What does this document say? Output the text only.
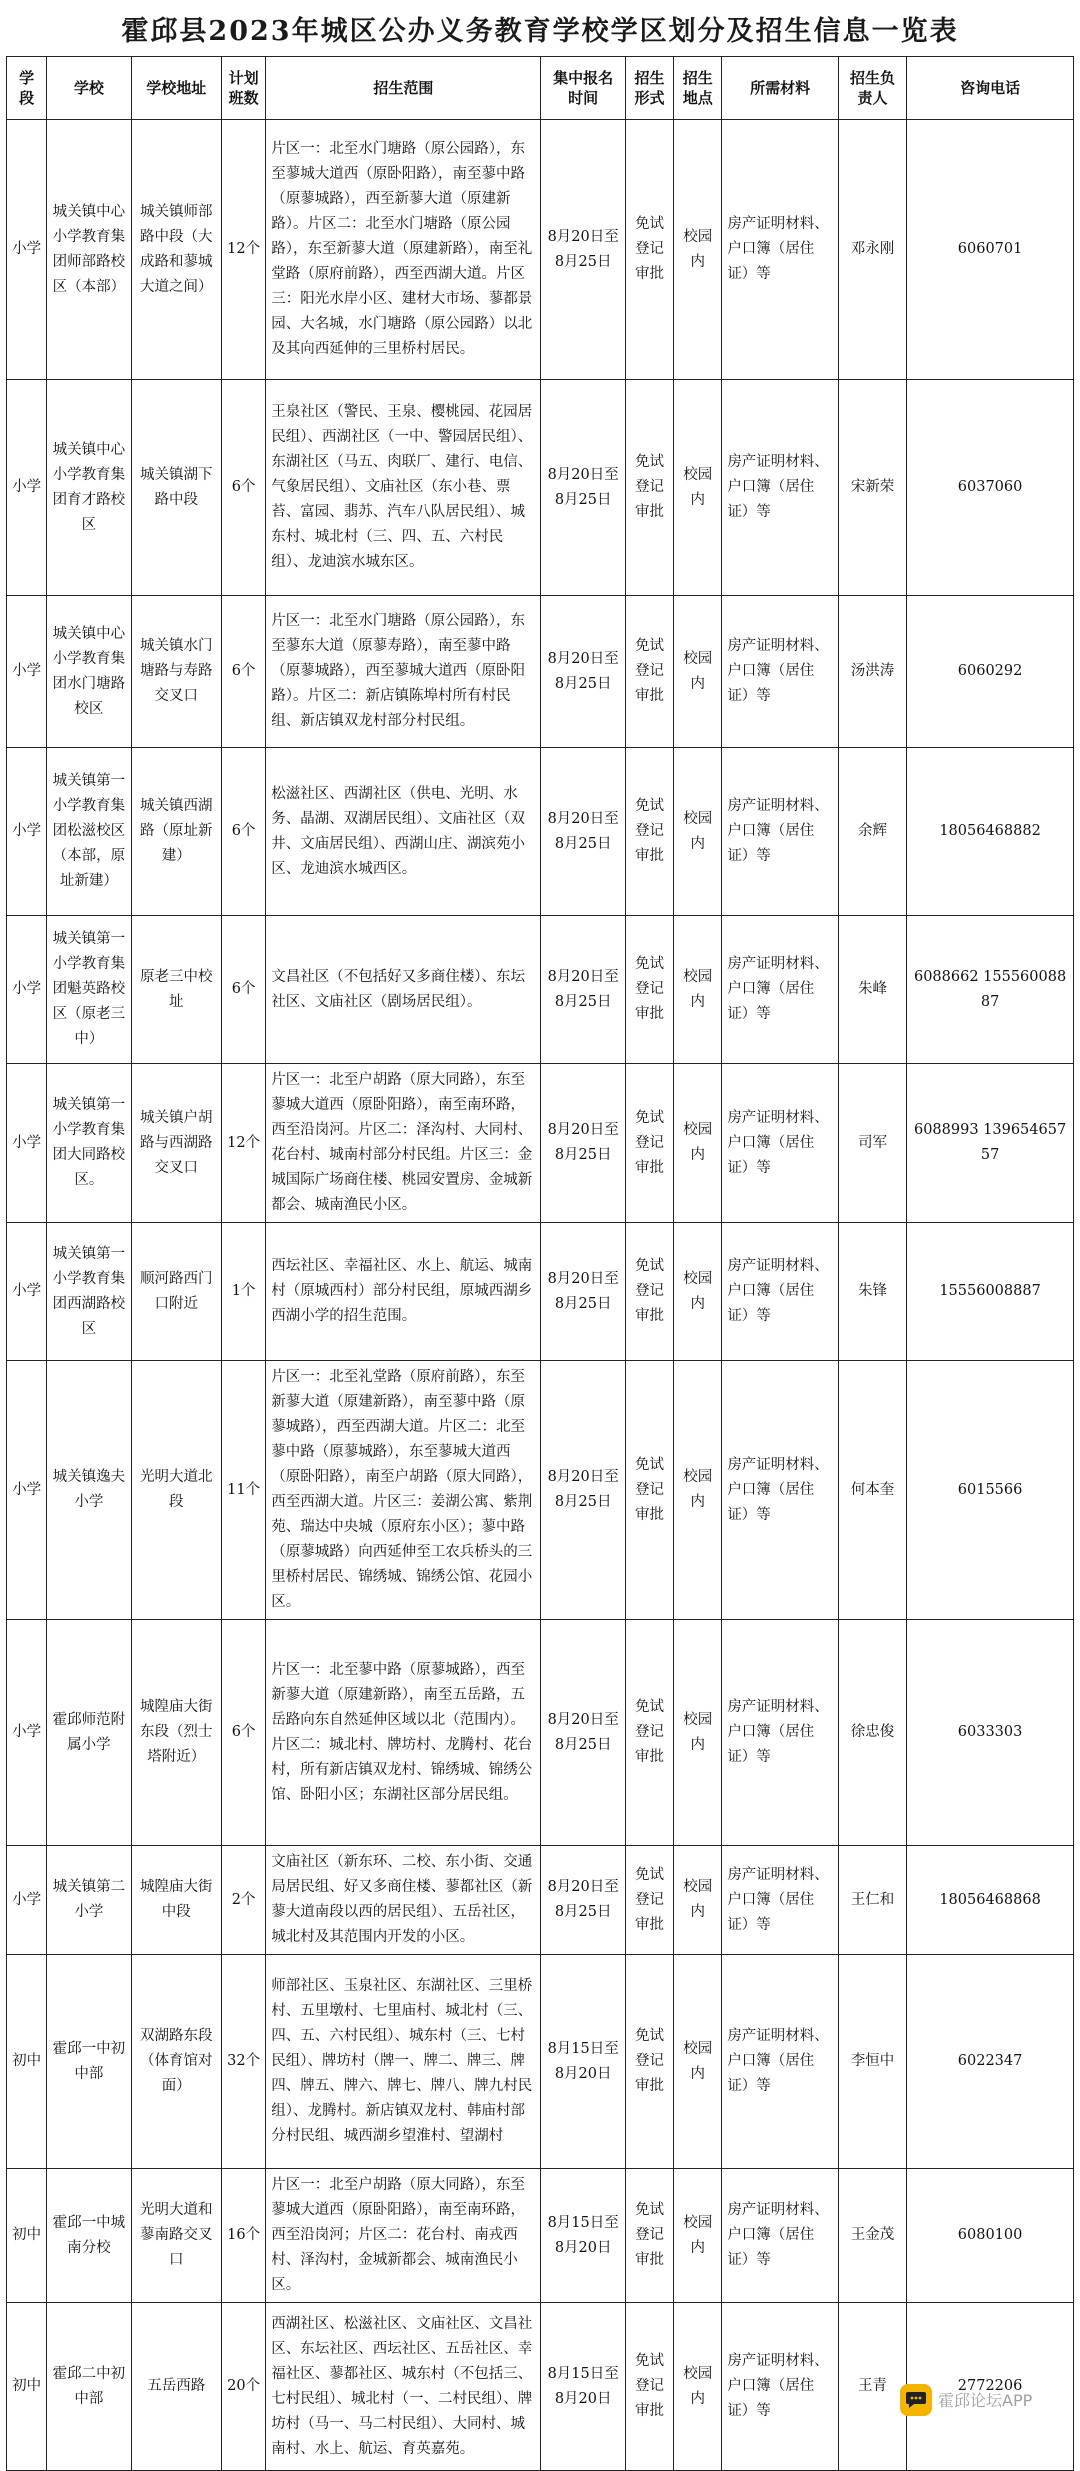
霍邱县2023年城区公办义务教育学校学区划分及招生信息一览表
学段	学校	学校地址	计划班数	招生范围	集中报名时间	招生形式	招生地点	所需材料	招生负责人	咨询电话
小学	城关镇中心小学教育集团师部路校区（本部）	城关镇师部路中段（大成路和蓼城大道之间）	12个	片区一：北至水门塘路（原公园路），东至蓼城大道西（原卧阳路），南至蓼中路（原蓼城路），西至新蓼大道（原建新路）。片区二：北至水门塘路（原公园路），东至新蓼大道（原建新路），南至礼堂路（原府前路），西至西湖大道。片区三：阳光水岸小区、建材大市场、蓼都景园、大名城，水门塘路（原公园路）以北及其向西延伸的三里桥村居民。	8月20日至8月25日	免试登记审批	校园内	房产证明材料、户口簿（居住证）等	邓永刚	6060701
小学	城关镇中心小学教育集团育才路校区	城关镇湖下路中段	6个	王泉社区（警民、王泉、樱桃园、花园居民组）、西湖社区（一中、警园居民组）、东湖社区（马五、肉联厂、建行、电信、气象居民组）、文庙社区（东小巷、票苔、富园、翡苏、汽车八队居民组）、城东村、城北村（三、四、五、六村民组）、龙迪滨水城东区。	8月20日至8月25日	免试登记审批	校园内	房产证明材料、户口簿（居住证）等	宋新荣	6037060
小学	城关镇中心小学教育集团水门塘路校区	城关镇水门塘路与寿路交叉口	6个	片区一：北至水门塘路（原公园路），东至蓼东大道（原蓼寿路），南至蓼中路（原蓼城路），西至蓼城大道西（原卧阳路）。片区二：新店镇陈埠村所有村民组、新店镇双龙村部分村民组。	8月20日至8月25日	免试登记审批	校园内	房产证明材料、户口簿（居住证）等	汤洪涛	6060292
小学	城关镇第一小学教育集团松滋校区（本部，原址新建）	城关镇西湖路（原址新建）	6个	松滋社区、西湖社区（供电、光明、水务、晶湖、双湖居民组）、文庙社区（双井、文庙居民组）、西湖山庄、湖滨苑小区、龙迪滨水城西区。	8月20日至8月25日	免试登记审批	校园内	房产证明材料、户口簿（居住证）等	余辉	18056468882
小学	城关镇第一小学教育集团魁英路校区（原老三中）	原老三中校址	6个	文昌社区（不包括好又多商住楼）、东坛社区、文庙社区（剧场居民组）。	8月20日至8月25日	免试登记审批	校园内	房产证明材料、户口簿（居住证）等	朱峰	6088662 15556008887
小学	城关镇第一小学教育集团大同路校区。	城关镇户胡路与西湖路交叉口	12个	片区一：北至户胡路（原大同路），东至蓼城大道西（原卧阳路），南至南环路，西至沿岗河。片区二：泽沟村、大同村、花台村、城南村部分村民组。片区三：金城国际广场商住楼、桃园安置房、金城新都会、城南渔民小区。	8月20日至8月25日	免试登记审批	校园内	房产证明材料、户口簿（居住证）等	司军	6088993 13965465757
小学	城关镇第一小学教育集团西湖路校区	顺河路西门口附近	1个	西坛社区、幸福社区、水上、航运、城南村（原城西村）部分村民组，原城西湖乡西湖小学的招生范围。	8月20日至8月25日	免试登记审批	校园内	房产证明材料、户口簿（居住证）等	朱锋	15556008887
小学	城关镇逸夫小学	光明大道北段	11个	片区一：北至礼堂路（原府前路），东至新蓼大道（原建新路），南至蓼中路（原蓼城路），西至西湖大道。片区二：北至蓼中路（原蓼城路），东至蓼城大道西（原卧阳路），南至户胡路（原大同路），西至西湖大道。片区三：姜湖公寓、紫荆苑、瑞达中央城（原府东小区）；蓼中路（原蓼城路）向西延伸至工农兵桥头的三里桥村居民、锦绣城、锦绣公馆、花园小区。	8月20日至8月25日	免试登记审批	校园内	房产证明材料、户口簿（居住证）等	何本奎	6015566
小学	霍邱师范附属小学	城隍庙大街东段（烈士塔附近）	6个	片区一：北至蓼中路（原蓼城路），西至新蓼大道（原建新路），南至五岳路，五岳路向东自然延伸区域以北（范围内）。片区二：城北村、牌坊村、龙腾村、花台村，所有新店镇双龙村、锦绣城、锦绣公馆、卧阳小区；东湖社区部分居民组。	8月20日至8月25日	免试登记审批	校园内	房产证明材料、户口簿（居住证）等	徐忠俊	6033303
小学	城关镇第二小学	城隍庙大街中段	2个	文庙社区（新东环、二校、东小街、交通局居民组、好又多商住楼、蓼都社区（新蓼大道南段以西的居民组）、五岳社区，城北村及其范围内开发的小区。	8月20日至8月25日	免试登记审批	校园内	房产证明材料、户口簿（居住证）等	王仁和	18056468868
初中	霍邱一中初中部	双湖路东段（体育馆对面）	32个	师部社区、玉泉社区、东湖社区、三里桥村、五里墩村、七里庙村、城北村（三、四、五、六村民组）、城东村（三、七村民组）、牌坊村（牌一、牌二、牌三、牌四、牌五、牌六、牌七、牌八、牌九村民组）、龙腾村。新店镇双龙村、韩庙村部分村民组、城西湖乡望淮村、望湖村	8月15日至8月20日	免试登记审批	校园内	房产证明材料、户口簿（居住证）等	李恒中	6022347
初中	霍邱一中城南分校	光明大道和蓼南路交叉口	16个	片区一：北至户胡路（原大同路），东至蓼城大道西（原卧阳路），南至南环路，西至沿岗河；片区二：花台村、南戎西村、泽沟村，金城新都会、城南渔民小区。	8月15日至8月20日	免试登记审批	校园内	房产证明材料、户口簿（居住证）等	王金茂	6080100
初中	霍邱二中初中部	五岳西路	20个	西湖社区、松滋社区、文庙社区、文昌社区、东坛社区、西坛社区、五岳社区、幸福社区、蓼都社区、城东村（不包括三、七村民组）、城北村（一、二村民组）、牌坊村（马一、马二村民组）、大同村、城南村、水上、航运、育英嘉苑。	8月15日至8月20日	免试登记审批	校园内	房产证明材料、户口簿（居住证）等	王青	2772206
霍邱论坛APP
